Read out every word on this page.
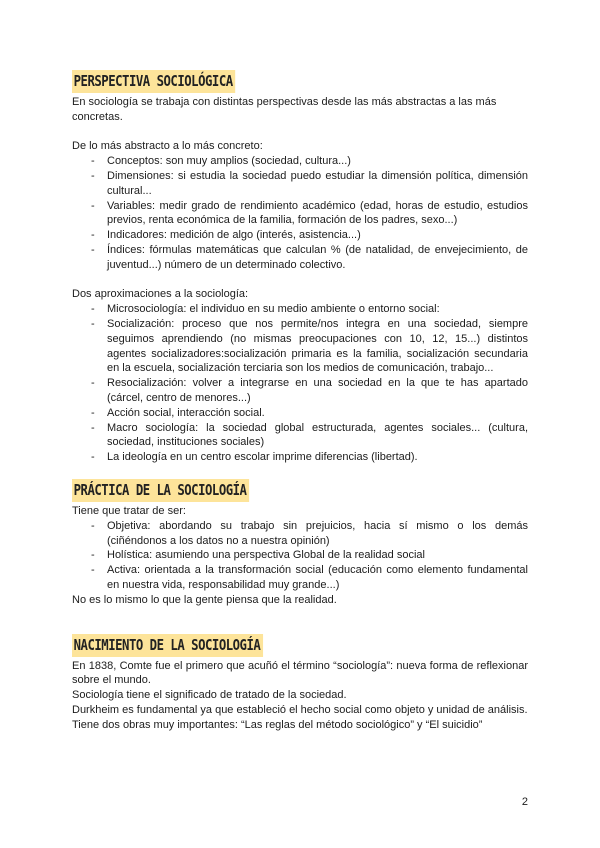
PERSPECTIVA SOCIOLÓGICA

En sociología se trabaja con distintas perspectivas desde las más abstractas a las más concretas.

De lo más abstracto a lo más concreto:

- Conceptos: son muy amplios (sociedad, cultura...)
- Dimensiones: si estudia la sociedad puedo estudiar la dimensión política, dimensión cultural...
- Variables: medir grado de rendimiento académico (edad, horas de estudio, estudios previos, renta económica de la familia, formación de los padres, sexo...)
- Indicadores: medición de algo (interés, asistencia...)
- Índices: fórmulas matemáticas que calculan % (de natalidad, de envejecimiento, de juventud...) número de un determinado colectivo.

Dos aproximaciones a la sociología:

- Microsociología: el individuo en su medio ambiente o entorno social:
- Socialización: proceso que nos permite/nos integra en una sociedad, siempre seguimos aprendiendo (no mismas preocupaciones con 10, 12, 15...) distintos agentes socializadores:socialización primaria es la familia, socialización secundaria en la escuela, socialización terciaria son los medios de comunicación, trabajo...
- Resocialización: volver a integrarse en una sociedad en la que te has apartado (cárcel, centro de menores...)
- Acción social, interacción social.
- Macro sociología: la sociedad global estructurada, agentes sociales... (cultura, sociedad, instituciones sociales)
- La ideología en un centro escolar imprime diferencias (libertad).
PRÁCTICA DE LA SOCIOLOGÍA

Tiene que tratar de ser:

- Objetiva: abordando su trabajo sin prejuicios, hacia sí mismo o los demás (ciñéndonos a los datos no a nuestra opinión)
- Holística: asumiendo una perspectiva Global de la realidad social
- Activa: orientada a la transformación social (educación como elemento fundamental en nuestra vida, responsabilidad muy grande...)

No es lo mismo lo que la gente piensa que la realidad.

NACIMIENTO DE LA SOCIOLOGÍA

En 1838, Comte fue el primero que acuñó el término “sociología”: nueva forma de reflexionar sobre el mundo.

Sociología tiene el significado de tratado de la sociedad.

Durkheim es fundamental ya que estableció el hecho social como objeto y unidad de análisis.

Tiene dos obras muy importantes: “Las reglas del método sociológico” y “El suicidio”

2
